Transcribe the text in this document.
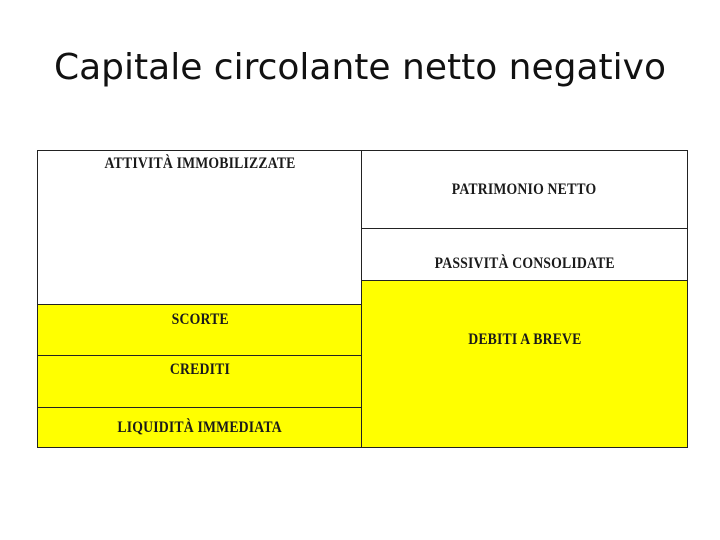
Capitale circolante netto negativo
ATTIVITÀ IMMOBILIZZATE
SCORTE
CREDITI
LIQUIDITÀ IMMEDIATA
PATRIMONIO NETTO
PASSIVITÀ CONSOLIDATE
DEBITI A BREVE
